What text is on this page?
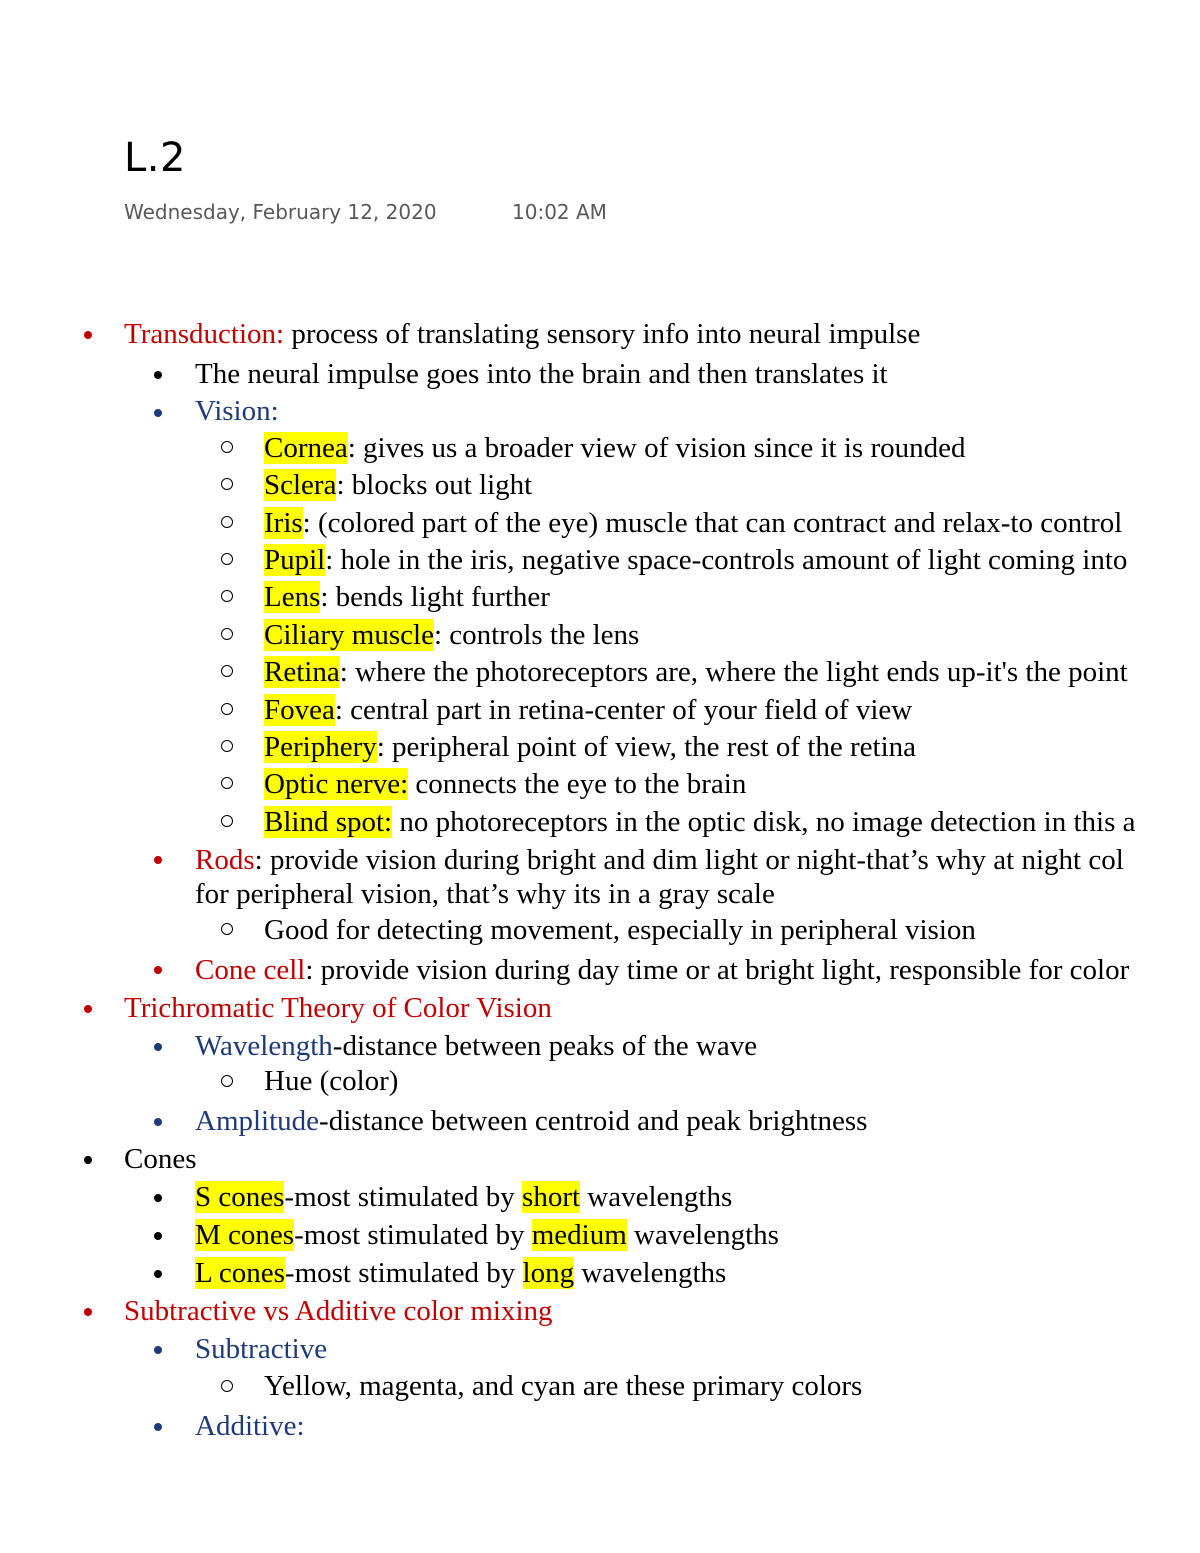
L.2
Wednesday, February 12, 2020	10:02 AM
Transduction: process of translating sensory info into neural impulse
The neural impulse goes into the brain and then translates it
Vision:
Cornea: gives us a broader view of vision since it is rounded
Sclera: blocks out light
Iris: (colored part of the eye) muscle that can contract and relax-to control
Pupil: hole in the iris, negative space-controls amount of light coming into
Lens: bends light further
Ciliary muscle: controls the lens
Retina: where the photoreceptors are, where the light ends up-it's the point
Fovea: central part in retina-center of your field of view
Periphery: peripheral point of view, the rest of the retina
Optic nerve: connects the eye to the brain
Blind spot: no photoreceptors in the optic disk, no image detection in this a
Rods: provide vision during bright and dim light or night-that’s why at night col
for peripheral vision, that’s why its in a gray scale
Good for detecting movement, especially in peripheral vision
Cone cell: provide vision during day time or at bright light, responsible for color
Trichromatic Theory of Color Vision
Wavelength-distance between peaks of the wave
Hue (color)
Amplitude-distance between centroid and peak brightness
Cones
S cones-most stimulated by short wavelengths
M cones-most stimulated by medium wavelengths
L cones-most stimulated by long wavelengths
Subtractive vs Additive color mixing
Subtractive
Yellow, magenta, and cyan are these primary colors
Additive:
